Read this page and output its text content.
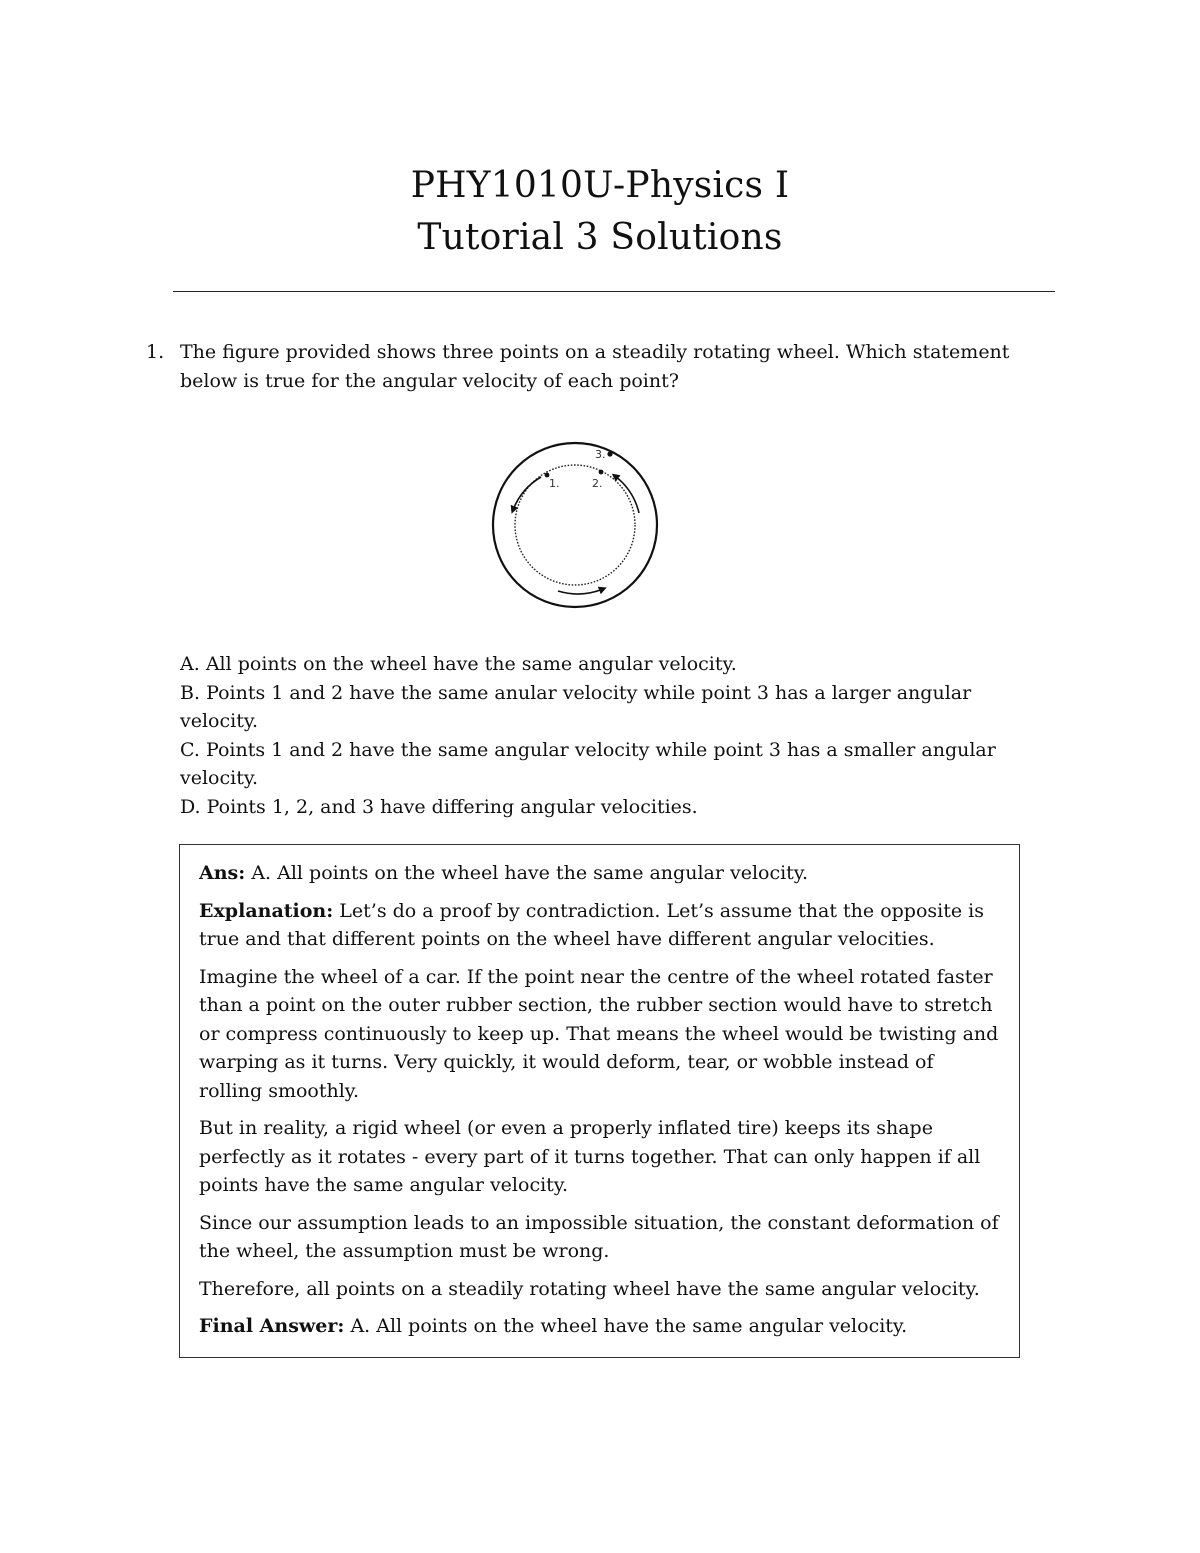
PHY1010U-Physics I
Tutorial 3 Solutions
1. The figure provided shows three points on a steadily rotating wheel. Which statement below is true for the angular velocity of each point?
1.	2.
3.
A. All points on the wheel have the same angular velocity.
B. Points 1 and 2 have the same anular velocity while point 3 has a larger angular velocity.
C. Points 1 and 2 have the same angular velocity while point 3 has a smaller angular velocity.
D. Points 1, 2, and 3 have differing angular velocities.

Ans: A. All points on the wheel have the same angular velocity.

Explanation: Let’s do a proof by contradiction. Let’s assume that the opposite is true and that different points on the wheel have different angular velocities.

Imagine the wheel of a car. If the point near the centre of the wheel rotated faster than a point on the outer rubber section, the rubber section would have to stretch or compress continuously to keep up. That means the wheel would be twisting and warping as it turns. Very quickly, it would deform, tear, or wobble instead of rolling smoothly.

But in reality, a rigid wheel (or even a properly inflated tire) keeps its shape perfectly as it rotates - every part of it turns together. That can only happen if all points have the same angular velocity.

Since our assumption leads to an impossible situation, the constant deformation of the wheel, the assumption must be wrong.

Therefore, all points on a steadily rotating wheel have the same angular velocity.

Final Answer: A. All points on the wheel have the same angular velocity.
